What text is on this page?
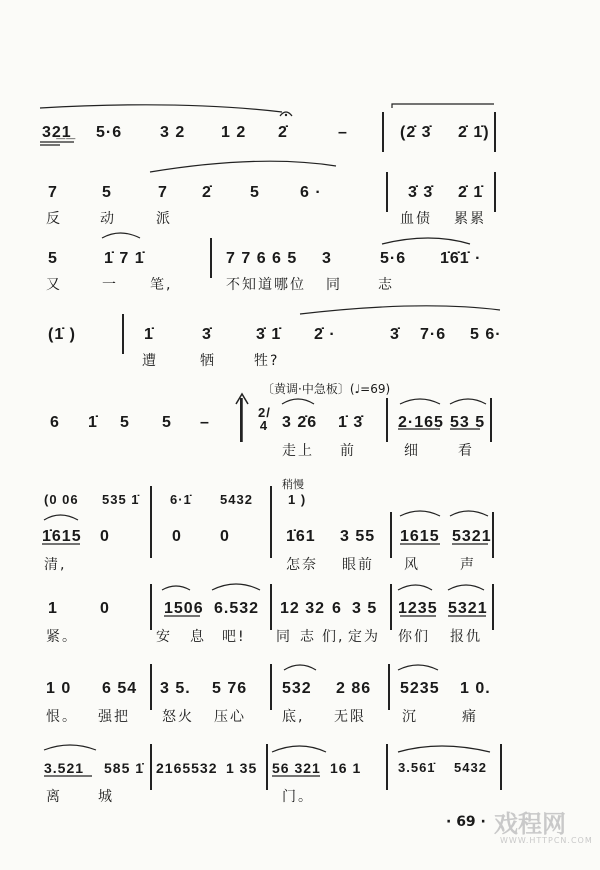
32̲1̲ 5·6 3 2 1 2 2̇	–	(2̇ 3̇ 2̇ 1̇)
7	5	7 2̇ 5	6 ·	3̇ 3̇ 2̇ 1̇
反	动	派	血债 累累
5	1̇ 7 1̇	7 7 6 6 5 3	5·6 1̇6̇1̇ ·
又	一 笔,	不知道哪位 同	志
(1̇ )	1̇	3̇	3̇ 1̇ 2̇ ·	3̇ 7·6 5 6·
遭	牺	牲?
〔黄调·中急板〕(♩=69)
6 1̇ 5 5 –
2/4 3 2̇6 1̇ 3̇ 2·165 53 5
走上 前	细	看
稍慢
(0 06 535 1̇ 6·1̇ 5432	1 )
1̇615 0	0 0	1̇61 3 55 1615 5321
清,	怎奈 眼前 风	声
1	0	1506 6.532 12 32 6 3 5 1235 5321
紧。	安 息 吧! 同 志 们, 定为 你们 报仇
1 0 6 54 3 5. 5 76 532 2 86 5235 1 0.
恨。 强把 怒火 压心	底, 无限	沉	痛
3.521 585 1̇ 2165532 1 35 56 321 16 1	3.561̇ 5432
离	城	门。
· 69 · 戏程网
WWW.HTTPCN.COM
